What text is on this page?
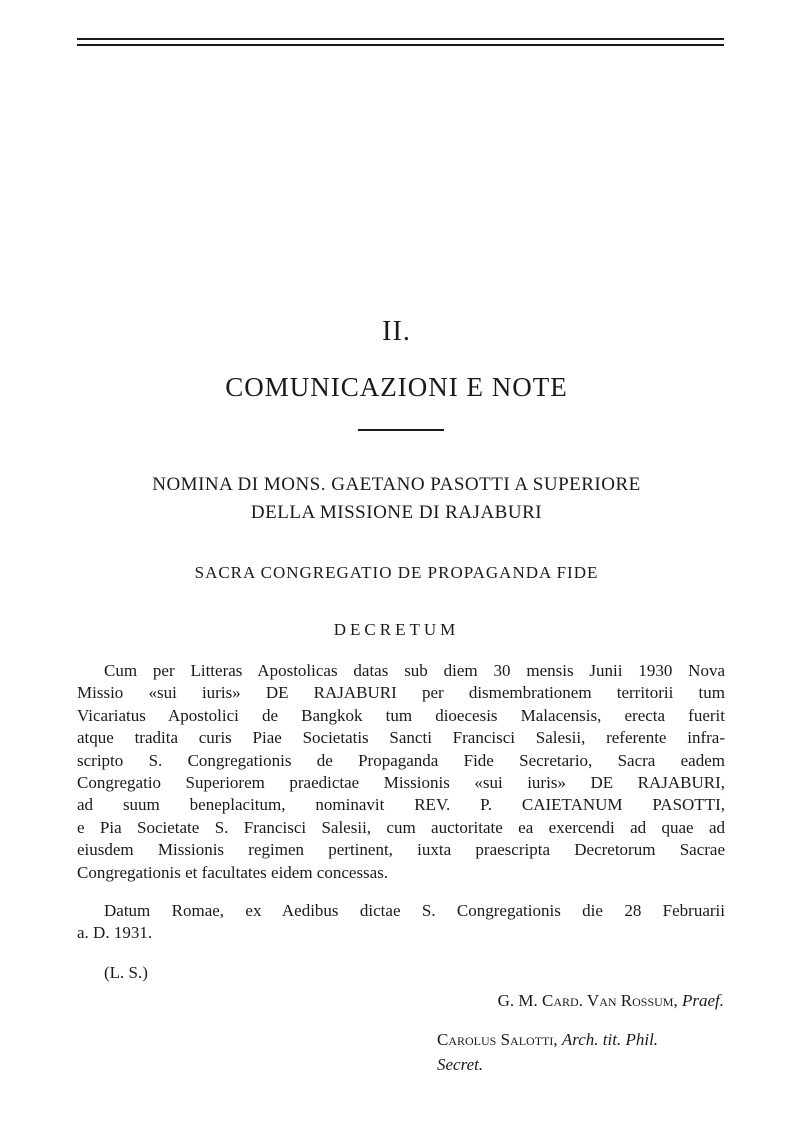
II.
COMUNICAZIONI E NOTE
NOMINA DI MONS. GAETANO PASOTTI A SUPERIORE
DELLA MISSIONE DI RAJABURI
SACRA CONGREGATIO DE PROPAGANDA FIDE
DECRETUM
Cum per Litteras Apostolicas datas sub diem 30 mensis Junii 1930 Nova
Missio «sui iuris» DE RAJABURI per dismembrationem territorii tum
Vicariatus Apostolici de Bangkok tum dioecesis Malacensis, erecta fuerit
atque tradita curis Piae Societatis Sancti Francisci Salesii, referente infra-
scripto S. Congregationis de Propaganda Fide Secretario, Sacra eadem
Congregatio Superiorem praedictae Missionis «sui iuris» DE RAJABURI,
ad suum beneplacitum, nominavit REV. P. CAIETANUM PASOTTI,
e Pia Societate S. Francisci Salesii, cum auctoritate ea exercendi ad quae ad
eiusdem Missionis regimen pertinent, iuxta praescripta Decretorum Sacrae
Congregationis et facultates eidem concessas.
Datum Romae, ex Aedibus dictae S. Congregationis die 28 Februarii
a. D. 1931.
(L. S.)
G. M. Card. Van Rossum, Praef.
Carolus Salotti, Arch. tit. Phil.
Secret.
